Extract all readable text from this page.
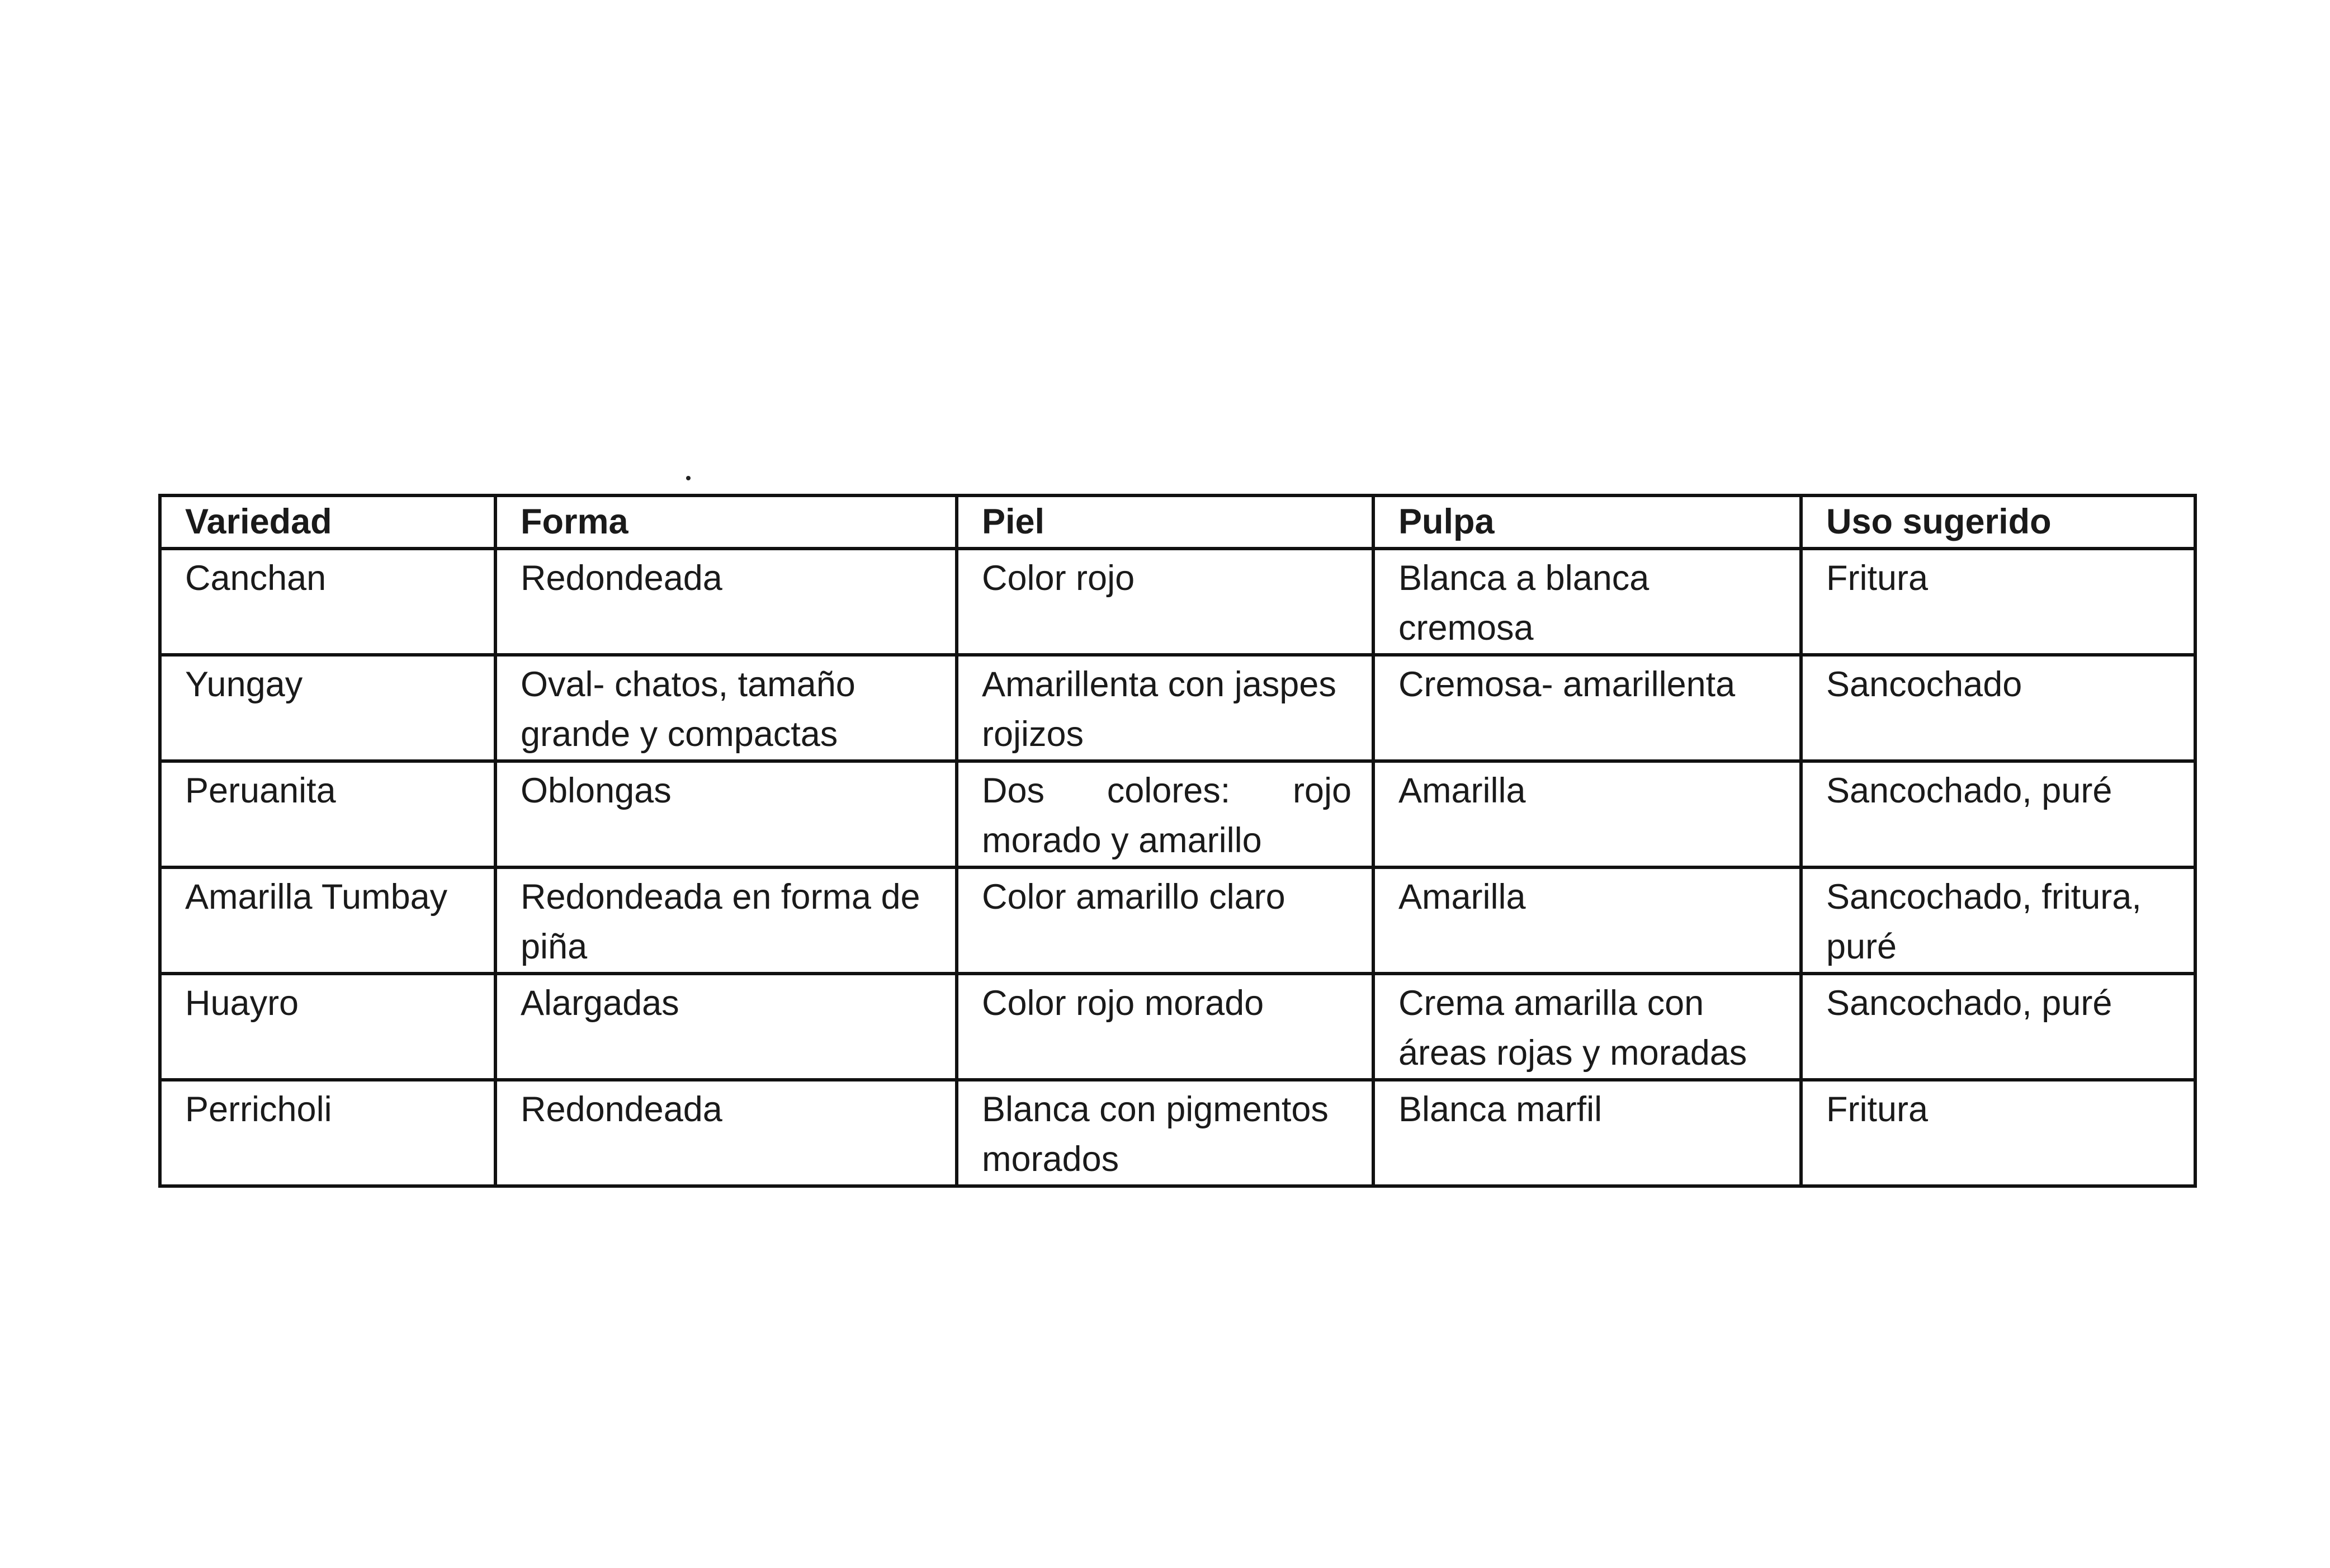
Variedad	Forma	Piel	Pulpa	Uso sugerido
Canchan	Redondeada	Color rojo	Blanca a blanca cremosa	Fritura
Yungay	Oval- chatos, tamaño grande y compactas	Amarillenta con jaspes rojizos	Cremosa- amarillenta	Sancochado
Peruanita	Oblongas	Dos colores: rojo morado y amarillo	Amarilla	Sancochado, puré
Amarilla Tumbay	Redondeada en forma de piña	Color amarillo claro	Amarilla	Sancochado, fritura, puré
Huayro	Alargadas	Color rojo morado	Crema amarilla con áreas rojas y moradas	Sancochado, puré
Perricholi	Redondeada	Blanca con pigmentos morados	Blanca marfil	Fritura
